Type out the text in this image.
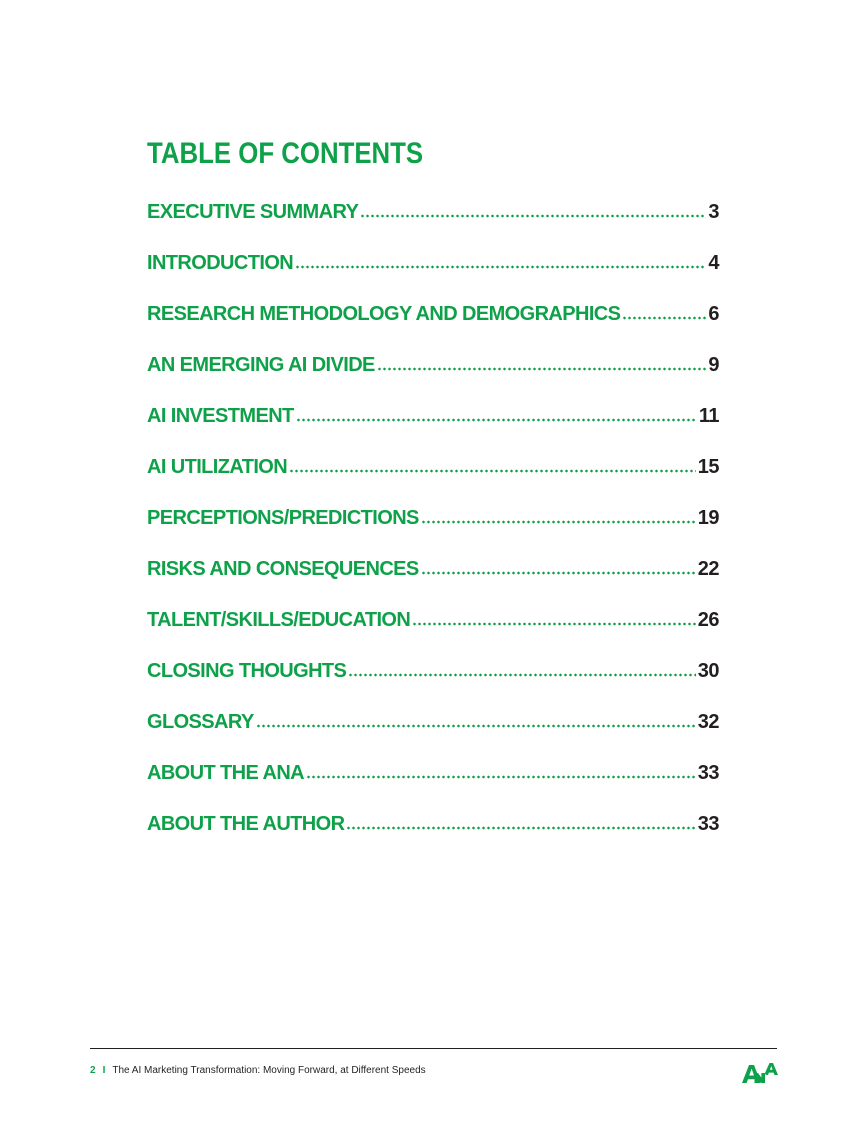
TABLE OF CONTENTS
EXECUTIVE SUMMARY	3
INTRODUCTION	4
RESEARCH METHODOLOGY AND DEMOGRAPHICS	6
AN EMERGING AI DIVIDE	9
AI INVESTMENT	11
AI UTILIZATION	15
PERCEPTIONS/PREDICTIONS	19
RISKS AND CONSEQUENCES	22
TALENT/SKILLS/EDUCATION	26
CLOSING THOUGHTS	30
GLOSSARY	32
ABOUT THE ANA	33
ABOUT THE AUTHOR	33
2 I The AI Marketing Transformation: Moving Forward, at Different Speeds
